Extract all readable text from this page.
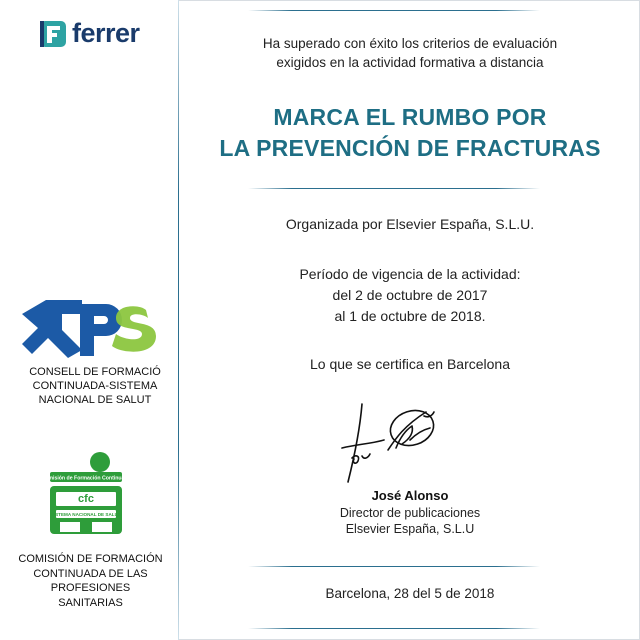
ferrer
CONSELL DE FORMACIÓ
CONTINUADA-SISTEMA
NACIONAL DE SALUT
Comisión de Formación Continuada
cfc
SISTEMA NACIONAL DE SALUD
COMISIÓN DE FORMACIÓN
CONTINUADA DE LAS
PROFESIONES SANITARIAS
Ha superado con éxito los criterios de evaluación
exigidos en la actividad formativa a distancia
MARCA EL RUMBO POR
LA PREVENCIÓN DE FRACTURAS
Organizada por Elsevier España, S.L.U.
Período de vigencia de la actividad:
del 2 de octubre de 2017
al 1 de octubre de 2018.
Lo que se certifica en Barcelona
José Alonso
Director de publicaciones
Elsevier España, S.L.U
Barcelona, 28 del 5 de 2018
